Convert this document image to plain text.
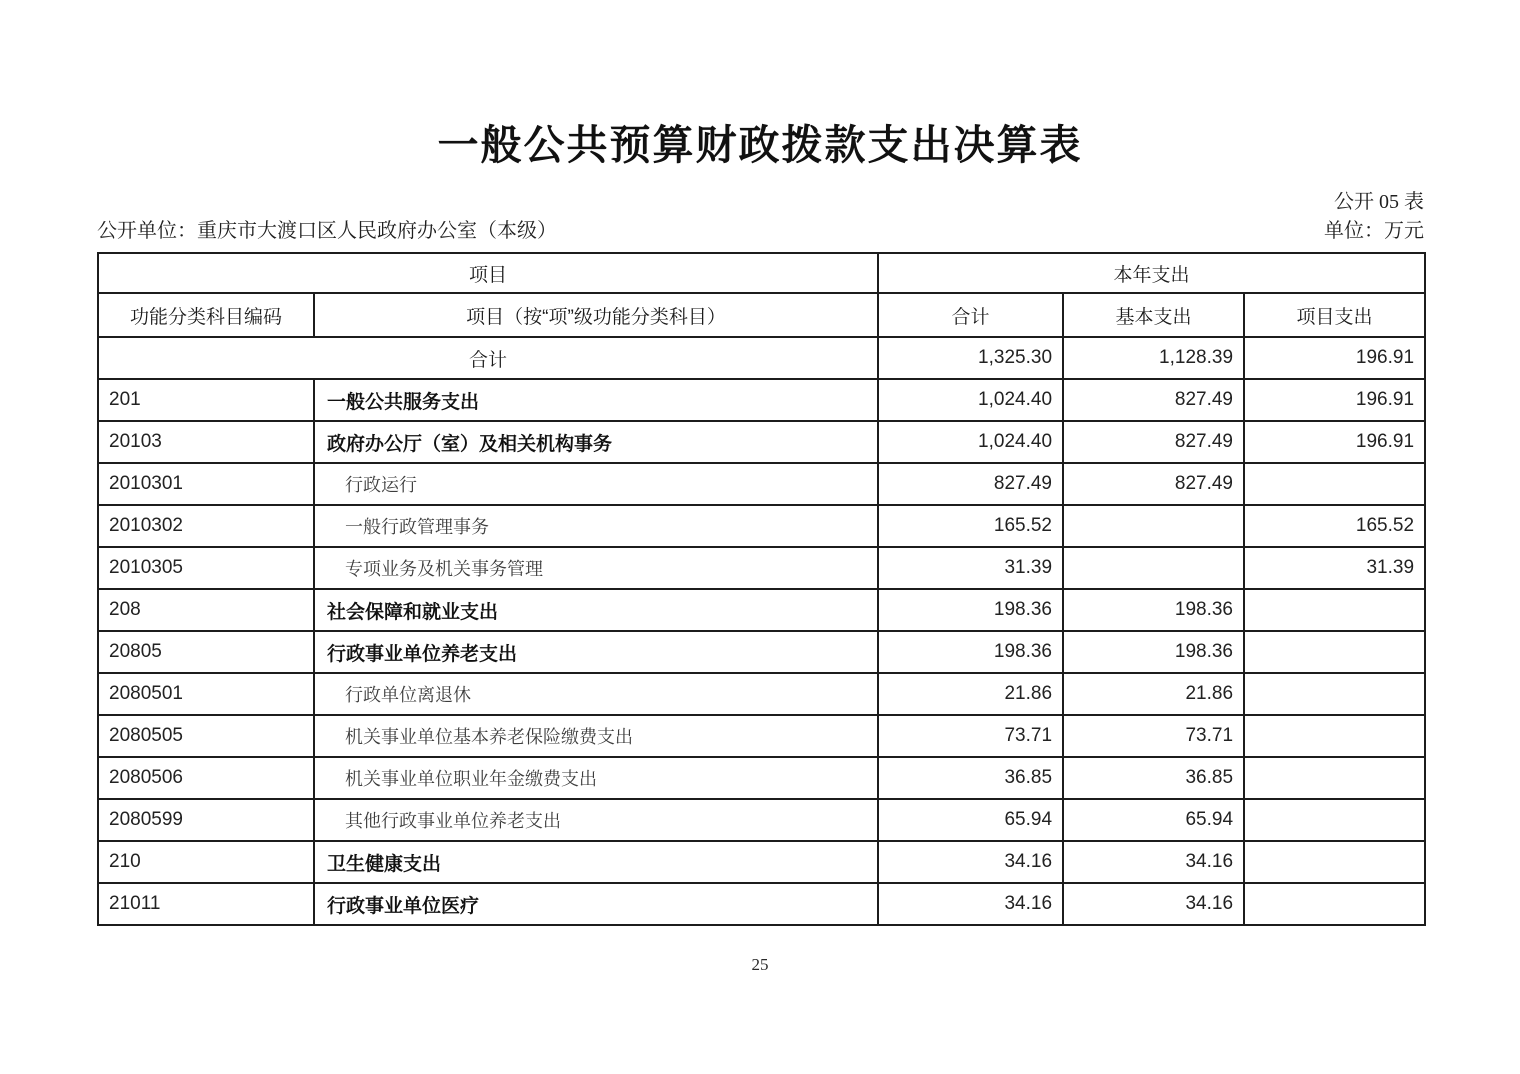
一般公共预算财政拨款支出决算表
公开 05 表
公开单位：重庆市大渡口区人民政府办公室（本级）	单位：万元
项目		本年支出		
功能分类科目编码	项目（按“项”级功能分类科目）	合计	基本支出	项目支出
合计		1,325.30	1,128.39	196.91
201	一般公共服务支出	1,024.40	827.49	196.91
20103	政府办公厅（室）及相关机构事务	1,024.40	827.49	196.91
2010301	行政运行	827.49	827.49	
2010302	一般行政管理事务	165.52		165.52
2010305	专项业务及机关事务管理	31.39		31.39
208	社会保障和就业支出	198.36	198.36	
20805	行政事业单位养老支出	198.36	198.36	
2080501	行政单位离退休	21.86	21.86	
2080505	机关事业单位基本养老保险缴费支出	73.71	73.71	
2080506	机关事业单位职业年金缴费支出	36.85	36.85	
2080599	其他行政事业单位养老支出	65.94	65.94	
210	卫生健康支出	34.16	34.16	
21011	行政事业单位医疗	34.16	34.16	
25
